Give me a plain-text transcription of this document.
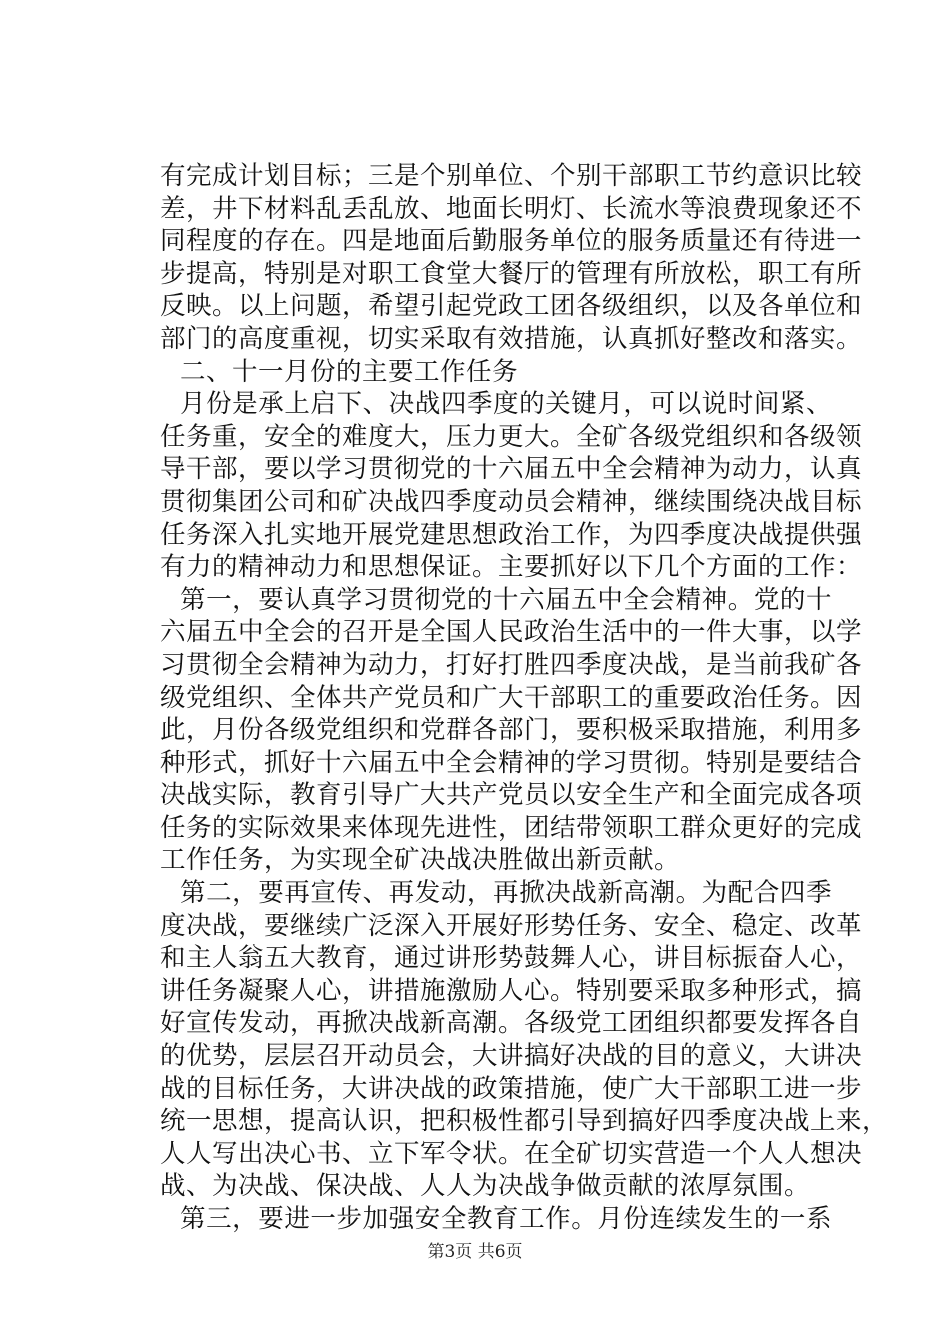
有完成计划目标；三是个别单位、个别干部职工节约意识比较
差，井下材料乱丢乱放、地面长明灯、长流水等浪费现象还不
同程度的存在。四是地面后勤服务单位的服务质量还有待进一
步提高，特别是对职工食堂大餐厅的管理有所放松，职工有所
反映。以上问题，希望引起党政工团各级组织，以及各单位和
部门的高度重视，切实采取有效措施，认真抓好整改和落实。
二、十一月份的主要工作任务
月份是承上启下、决战四季度的关键月，可以说时间紧、
任务重，安全的难度大，压力更大。全矿各级党组织和各级领
导干部，要以学习贯彻党的十六届五中全会精神为动力，认真
贯彻集团公司和矿决战四季度动员会精神，继续围绕决战目标
任务深入扎实地开展党建思想政治工作，为四季度决战提供强
有力的精神动力和思想保证。主要抓好以下几个方面的工作：
第一，要认真学习贯彻党的十六届五中全会精神。党的十
六届五中全会的召开是全国人民政治生活中的一件大事，以学
习贯彻全会精神为动力，打好打胜四季度决战，是当前我矿各
级党组织、全体共产党员和广大干部职工的重要政治任务。因
此，月份各级党组织和党群各部门，要积极采取措施，利用多
种形式，抓好十六届五中全会精神的学习贯彻。特别是要结合
决战实际，教育引导广大共产党员以安全生产和全面完成各项
任务的实际效果来体现先进性，团结带领职工群众更好的完成
工作任务，为实现全矿决战决胜做出新贡献。
第二，要再宣传、再发动，再掀决战新高潮。为配合四季
度决战，要继续广泛深入开展好形势任务、安全、稳定、改革
和主人翁五大教育，通过讲形势鼓舞人心，讲目标振奋人心，
讲任务凝聚人心，讲措施激励人心。特别要采取多种形式，搞
好宣传发动，再掀决战新高潮。各级党工团组织都要发挥各自
的优势，层层召开动员会，大讲搞好决战的目的意义，大讲决
战的目标任务，大讲决战的政策措施，使广大干部职工进一步
统一思想，提高认识，把积极性都引导到搞好四季度决战上来，
人人写出决心书、立下军令状。在全矿切实营造一个人人想决
战、为决战、保决战、人人为决战争做贡献的浓厚氛围。
第三，要进一步加强安全教育工作。月份连续发生的一系
第3页 共6页
